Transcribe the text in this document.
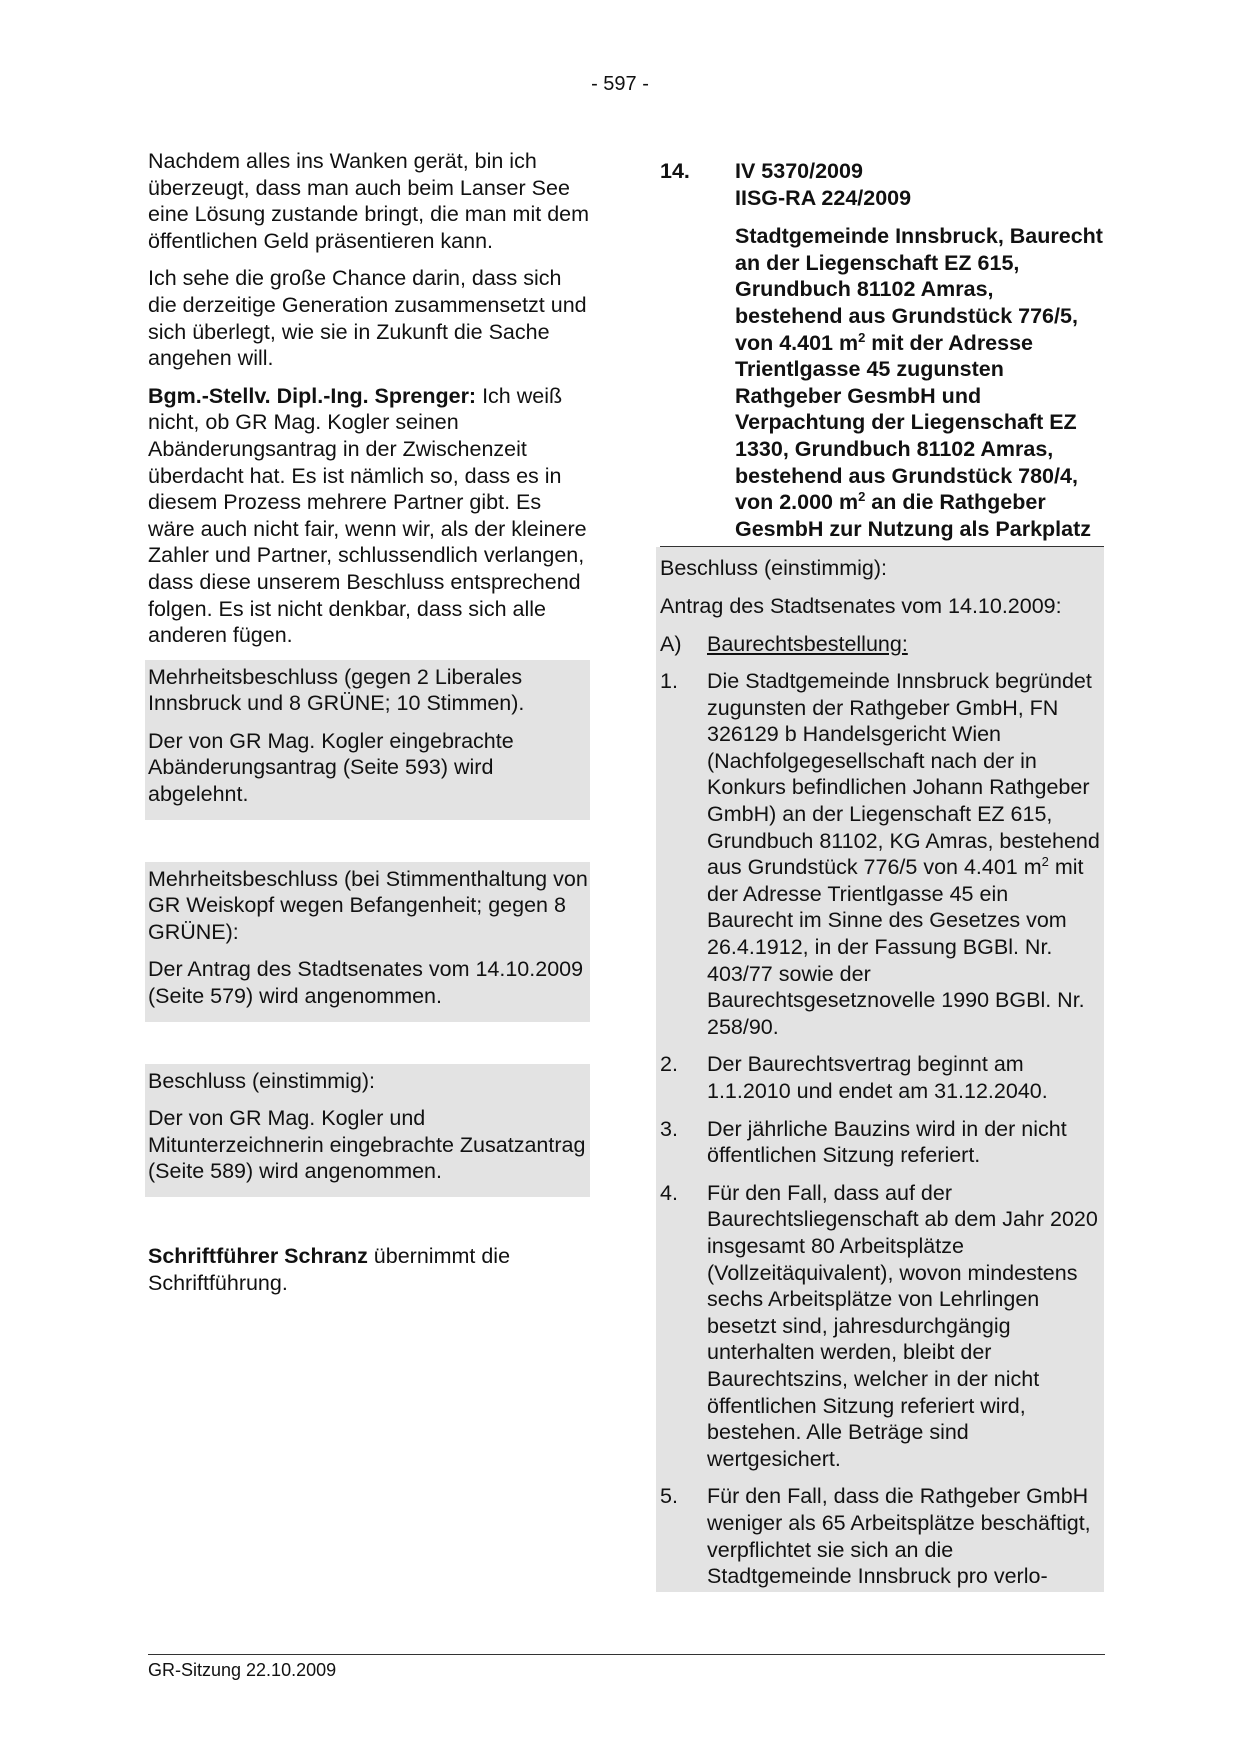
- 597 -

Nachdem alles ins Wanken gerät, bin ich überzeugt, dass man auch beim Lanser See eine Lösung zustande bringt, die man mit dem öffentlichen Geld präsentieren kann.

Ich sehe die große Chance darin, dass sich die derzeitige Generation zusammensetzt und sich überlegt, wie sie in Zukunft die Sache angehen will.

Bgm.-Stellv. Dipl.-Ing. Sprenger: Ich weiß nicht, ob GR Mag. Kogler seinen Abänderungsantrag in der Zwischenzeit überdacht hat. Es ist nämlich so, dass es in diesem Prozess mehrere Partner gibt. Es wäre auch nicht fair, wenn wir, als der kleinere Zahler und Partner, schlussendlich verlangen, dass diese unserem Beschluss entsprechend folgen. Es ist nicht denkbar, dass sich alle anderen fügen.

Mehrheitsbeschluss (gegen 2 Liberales Innsbruck und 8 GRÜNE; 10 Stimmen).

Der von GR Mag. Kogler eingebrachte Abänderungsantrag (Seite 593) wird abgelehnt.

Mehrheitsbeschluss (bei Stimmenthaltung von GR Weiskopf wegen Befangenheit; gegen 8 GRÜNE):

Der Antrag des Stadtsenates vom 14.10.2009 (Seite 579) wird angenommen.

Beschluss (einstimmig):

Der von GR Mag. Kogler und Mitunterzeichnerin eingebrachte Zusatzantrag (Seite 589) wird angenommen.

Schriftführer Schranz übernimmt die Schriftführung.

14.	IV 5370/2009
IISG-RA 224/2009
Stadtgemeinde Innsbruck, Baurecht an der Liegenschaft EZ 615, Grundbuch 81102 Amras, bestehend aus Grundstück 776/5, von 4.401 $m^2$ mit der Adresse Trientlgasse 45 zugunsten Rathgeber GesmbH und Verpachtung der Liegenschaft EZ 1330, Grundbuch 81102 Amras, bestehend aus Grundstück 780/4, von 2.000 $m^2$ an die Rathgeber GesmbH zur Nutzung als Parkplatz

Beschluss (einstimmig):

Antrag des Stadtsenates vom 14.10.2009:

A)	Baurechtsbestellung:
1.	Die Stadtgemeinde Innsbruck begründet zugunsten der Rathgeber GmbH, FN 326129 b Handelsgericht Wien (Nachfolgegesellschaft nach der in Konkurs befindlichen Johann Rathgeber GmbH) an der Liegenschaft EZ 615, Grundbuch 81102, KG Amras, bestehend aus Grundstück 776/5 von 4.401 $m^2$ mit der Adresse Trientlgasse 45 ein Baurecht im Sinne des Gesetzes vom 26.4.1912, in der Fassung BGBl. Nr. 403/77 sowie der Baurechtsgesetznovelle 1990 BGBl. Nr. 258/90.
2.	Der Baurechtsvertrag beginnt am 1.1.2010 und endet am 31.12.2040.
3.	Der jährliche Bauzins wird in der nicht öffentlichen Sitzung referiert.
4.	Für den Fall, dass auf der Baurechtsliegenschaft ab dem Jahr 2020 insgesamt 80 Arbeitsplätze (Vollzeitäquivalent), wovon mindestens sechs Arbeitsplätze von Lehrlingen besetzt sind, jahresdurchgängig unterhalten werden, bleibt der Baurechtszins, welcher in der nicht öffentlichen Sitzung referiert wird, bestehen. Alle Beträge sind wertgesichert.
5.	Für den Fall, dass die Rathgeber GmbH weniger als 65 Arbeitsplätze beschäftigt, verpflichtet sie sich an die Stadtgemeinde Innsbruck pro verlo-
GR-Sitzung 22.10.2009
